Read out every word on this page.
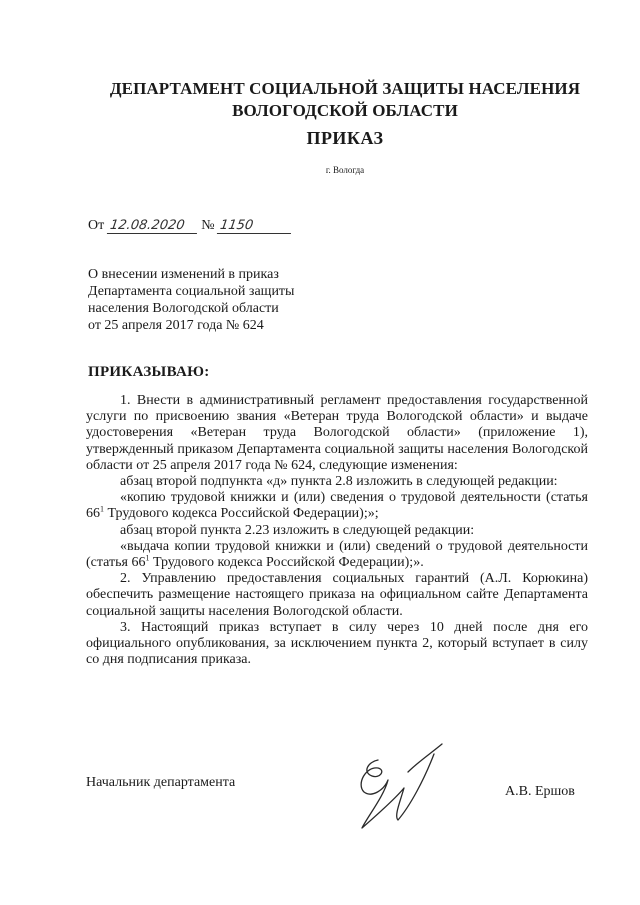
ДЕПАРТАМЕНТ СОЦИАЛЬНОЙ ЗАЩИТЫ НАСЕЛЕНИЯ
ВОЛОГОДСКОЙ ОБЛАСТИ
ПРИКАЗ
г. Вологда
От 12.08.2020 № 1150
О внесении изменений в приказ
Департамента социальной защиты
населения Вологодской области
от 25 апреля 2017 года № 624
ПРИКАЗЫВАЮ:

1. Внести в административный регламент предоставления государственной услуги по присвоению звания «Ветеран труда Вологодской области» и выдаче удостоверения «Ветеран труда Вологодской области» (приложение 1), утвержденный приказом Департамента социальной защиты населения Вологодской области от 25 апреля 2017 года № 624, следующие изменения:

абзац второй подпункта «д» пункта 2.8 изложить в следующей редакции:

«копию трудовой книжки и (или) сведения о трудовой деятельности (статья $66^1$ Трудового кодекса Российской Федерации);»;

абзац второй пункта 2.23 изложить в следующей редакции:

«выдача копии трудовой книжки и (или) сведений о трудовой деятельности (статья $66^1$ Трудового кодекса Российской Федерации);».

2. Управлению предоставления социальных гарантий (А.Л. Корюкина) обеспечить размещение настоящего приказа на официальном сайте Департамента социальной защиты населения Вологодской области.

3. Настоящий приказ вступает в силу через 10 дней после дня его официального опубликования, за исключением пункта 2, который вступает в силу со дня подписания приказа.

Начальник департамента
А.В. Ершов
